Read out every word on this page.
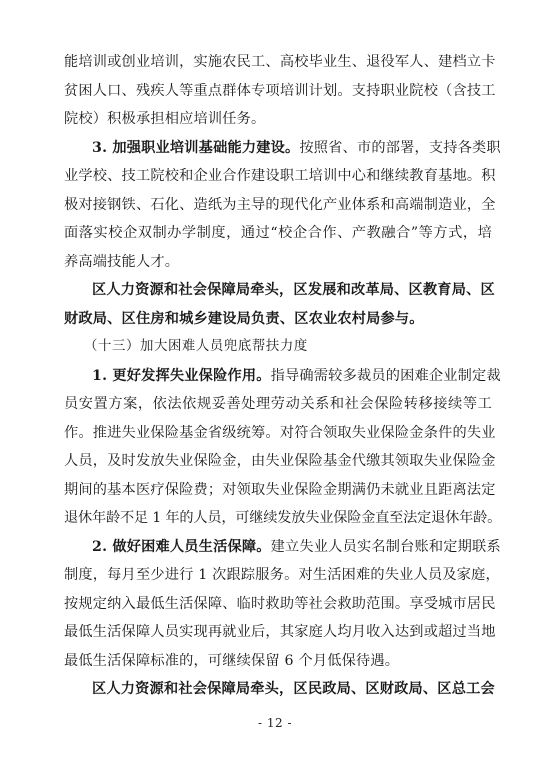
能培训或创业培训，实施农民工、高校毕业生、退役军人、建档立卡
贫困人口、残疾人等重点群体专项培训计划。支持职业院校（含技工
院校）积极承担相应培训任务。
3. 加强职业培训基础能力建设。按照省、市的部署，支持各类职
业学校、技工院校和企业合作建设职工培训中心和继续教育基地。积
极对接钢铁、石化、造纸为主导的现代化产业体系和高端制造业，全
面落实校企双制办学制度，通过“校企合作、产教融合”等方式，培
养高端技能人才。
区人力资源和社会保障局牵头，区发展和改革局、区教育局、区
财政局、区住房和城乡建设局负责、区农业农村局参与。
（十三）加大困难人员兜底帮扶力度
1. 更好发挥失业保险作用。指导确需较多裁员的困难企业制定裁
员安置方案，依法依规妥善处理劳动关系和社会保险转移接续等工
作。推进失业保险基金省级统筹。对符合领取失业保险金条件的失业
人员，及时发放失业保险金，由失业保险基金代缴其领取失业保险金
期间的基本医疗保险费；对领取失业保险金期满仍未就业且距离法定
退休年龄不足 1 年的人员，可继续发放失业保险金直至法定退休年龄。
2. 做好困难人员生活保障。建立失业人员实名制台账和定期联系
制度，每月至少进行 1 次跟踪服务。对生活困难的失业人员及家庭，
按规定纳入最低生活保障、临时救助等社会救助范围。享受城市居民
最低生活保障人员实现再就业后，其家庭人均月收入达到或超过当地
最低生活保障标准的，可继续保留 6 个月低保待遇。
区人力资源和社会保障局牵头，区民政局、区财政局、区总工会
- 12 -
